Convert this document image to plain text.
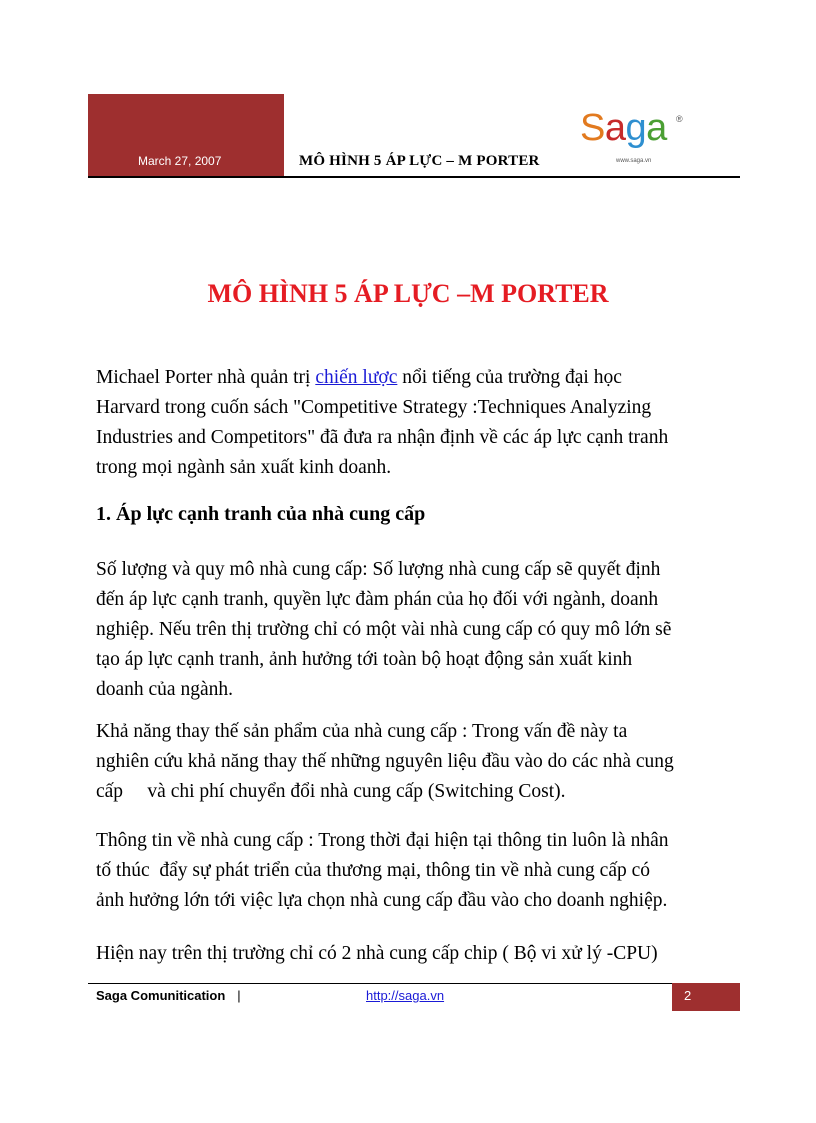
March 27, 2007	MÔ HÌNH 5 ÁP LỰC – M PORTER
Saga ®
www.saga.vn
MÔ HÌNH 5 ÁP LỰC –M PORTER
Michael Porter nhà quản trị chiến lược nổi tiếng của trường đại học
Harvard trong cuốn sách "Competitive Strategy :Techniques Analyzing
Industries and Competitors" đã đưa ra nhận định về các áp lực cạnh tranh
trong mọi ngành sản xuất kinh doanh.
1. Áp lực cạnh tranh của nhà cung cấp
Số lượng và quy mô nhà cung cấp: Số lượng nhà cung cấp sẽ quyết định
đến áp lực cạnh tranh, quyền lực đàm phán của họ đối với ngành, doanh
nghiệp. Nếu trên thị trường chỉ có một vài nhà cung cấp có quy mô lớn sẽ
tạo áp lực cạnh tranh, ảnh hưởng tới toàn bộ hoạt động sản xuất kinh
doanh của ngành.
Khả năng thay thế sản phẩm của nhà cung cấp : Trong vấn đề này ta
nghiên cứu khả năng thay thế những nguyên liệu đầu vào do các nhà cung
cấp     và chi phí chuyển đổi nhà cung cấp (Switching Cost).
Thông tin về nhà cung cấp : Trong thời đại hiện tại thông tin luôn là nhân
tố thúc  đẩy sự phát triển của thương mại, thông tin về nhà cung cấp có
ảnh hưởng lớn tới việc lựa chọn nhà cung cấp đầu vào cho doanh nghiệp.
Hiện nay trên thị trường chỉ có 2 nhà cung cấp chip ( Bộ vi xử lý -CPU)
Saga Comunitication |	http://saga.vn	2
